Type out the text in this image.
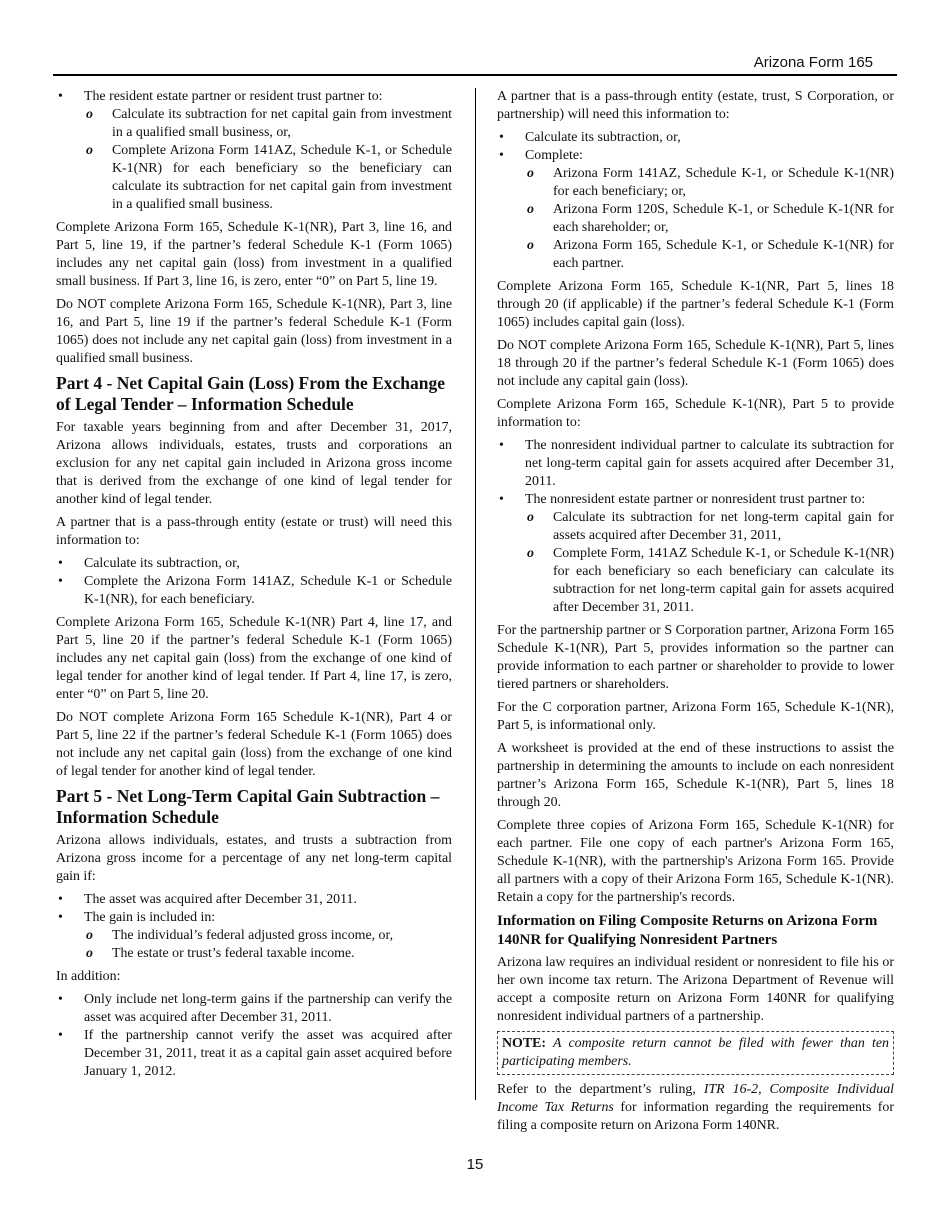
Arizona Form 165
• The resident estate partner or resident trust partner to:
o Calculate its subtraction for net capital gain from investment in a qualified small business, or,
o Complete Arizona Form 141AZ, Schedule K-1, or Schedule K-1(NR) for each beneficiary so the beneficiary can calculate its subtraction for net capital gain from investment in a qualified small business.

Complete Arizona Form 165, Schedule K-1(NR), Part 3, line 16, and Part 5, line 19, if the partner’s federal Schedule K-1 (Form 1065) includes any net capital gain (loss) from investment in a qualified small business. If Part 3, line 16, is zero, enter “0” on Part 5, line 19.

Do NOT complete Arizona Form 165, Schedule K-1(NR), Part 3, line 16, and Part 5, line 19 if the partner’s federal Schedule K-1 (Form 1065) does not include any net capital gain (loss) from investment in a qualified small business.

Part 4 - Net Capital Gain (Loss) From the Exchange of Legal Tender – Information Schedule

For taxable years beginning from and after December 31, 2017, Arizona allows individuals, estates, trusts and corporations an exclusion for any net capital gain included in Arizona gross income that is derived from the exchange of one kind of legal tender for another kind of legal tender.

A partner that is a pass-through entity (estate or trust) will need this information to:

• Calculate its subtraction, or,
• Complete the Arizona Form 141AZ, Schedule K-1 or Schedule K-1(NR), for each beneficiary.

Complete Arizona Form 165, Schedule K-1(NR) Part 4, line 17, and Part 5, line 20 if the partner’s federal Schedule K-1 (Form 1065) includes any net capital gain (loss) from the exchange of one kind of legal tender for another kind of legal tender. If Part 4, line 17, is zero, enter “0” on Part 5, line 20.

Do NOT complete Arizona Form 165 Schedule K-1(NR), Part 4 or Part 5, line 22 if the partner’s federal Schedule K-1 (Form 1065) does not include any net capital gain (loss) from the exchange of one kind of legal tender for another kind of legal tender.

Part 5 - Net Long-Term Capital Gain Subtraction – Information Schedule

Arizona allows individuals, estates, and trusts a subtraction from Arizona gross income for a percentage of any net long-term capital gain if:

• The asset was acquired after December 31, 2011.
• The gain is included in:
o The individual’s federal adjusted gross income, or,
o The estate or trust’s federal taxable income.

In addition:

• Only include net long-term gains if the partnership can verify the asset was acquired after December 31, 2011.
• If the partnership cannot verify the asset was acquired after December 31, 2011, treat it as a capital gain asset acquired before January 1, 2012.

A partner that is a pass-through entity (estate, trust, S Corporation, or partnership) will need this information to:

• Calculate its subtraction, or,
• Complete:
o Arizona Form 141AZ, Schedule K-1, or Schedule K-1(NR) for each beneficiary; or,
o Arizona Form 120S, Schedule K-1, or Schedule K-1(NR for each shareholder; or,
o Arizona Form 165, Schedule K-1, or Schedule K-1(NR) for each partner.

Complete Arizona Form 165, Schedule K-1(NR, Part 5, lines 18 through 20 (if applicable) if the partner’s federal Schedule K-1 (Form 1065) includes capital gain (loss).

Do NOT complete Arizona Form 165, Schedule K-1(NR), Part 5, lines 18 through 20 if the partner’s federal Schedule K-1 (Form 1065) does not include any capital gain (loss).

Complete Arizona Form 165, Schedule K-1(NR), Part 5 to provide information to:

• The nonresident individual partner to calculate its subtraction for net long-term capital gain for assets acquired after December 31, 2011.
• The nonresident estate partner or nonresident trust partner to:
o Calculate its subtraction for net long-term capital gain for assets acquired after December 31, 2011,
o Complete Form, 141AZ Schedule K-1, or Schedule K-1(NR) for each beneficiary so each beneficiary can calculate its subtraction for net long-term capital gain for assets acquired after December 31, 2011.

For the partnership partner or S Corporation partner, Arizona Form 165 Schedule K-1(NR), Part 5, provides information so the partner can provide information to each partner or shareholder to provide to lower tiered partners or shareholders.

For the C corporation partner, Arizona Form 165, Schedule K-1(NR), Part 5, is informational only.

A worksheet is provided at the end of these instructions to assist the partnership in determining the amounts to include on each nonresident partner’s Arizona Form 165, Schedule K-1(NR), Part 5, lines 18 through 20.

Complete three copies of Arizona Form 165, Schedule K-1(NR) for each partner. File one copy of each partner's Arizona Form 165, Schedule K-1(NR), with the partnership's Arizona Form 165. Provide all partners with a copy of their Arizona Form 165, Schedule K-1(NR). Retain a copy for the partnership's records.

Information on Filing Composite Returns on Arizona Form 140NR for Qualifying Nonresident Partners

Arizona law requires an individual resident or nonresident to file his or her own income tax return. The Arizona Department of Revenue will accept a composite return on Arizona Form 140NR for qualifying nonresident individual partners of a partnership.

NOTE: A composite return cannot be filed with fewer than ten participating members.

Refer to the department’s ruling, ITR 16-2, Composite Individual Income Tax Returns for information regarding the requirements for filing a composite return on Arizona Form 140NR.

15
